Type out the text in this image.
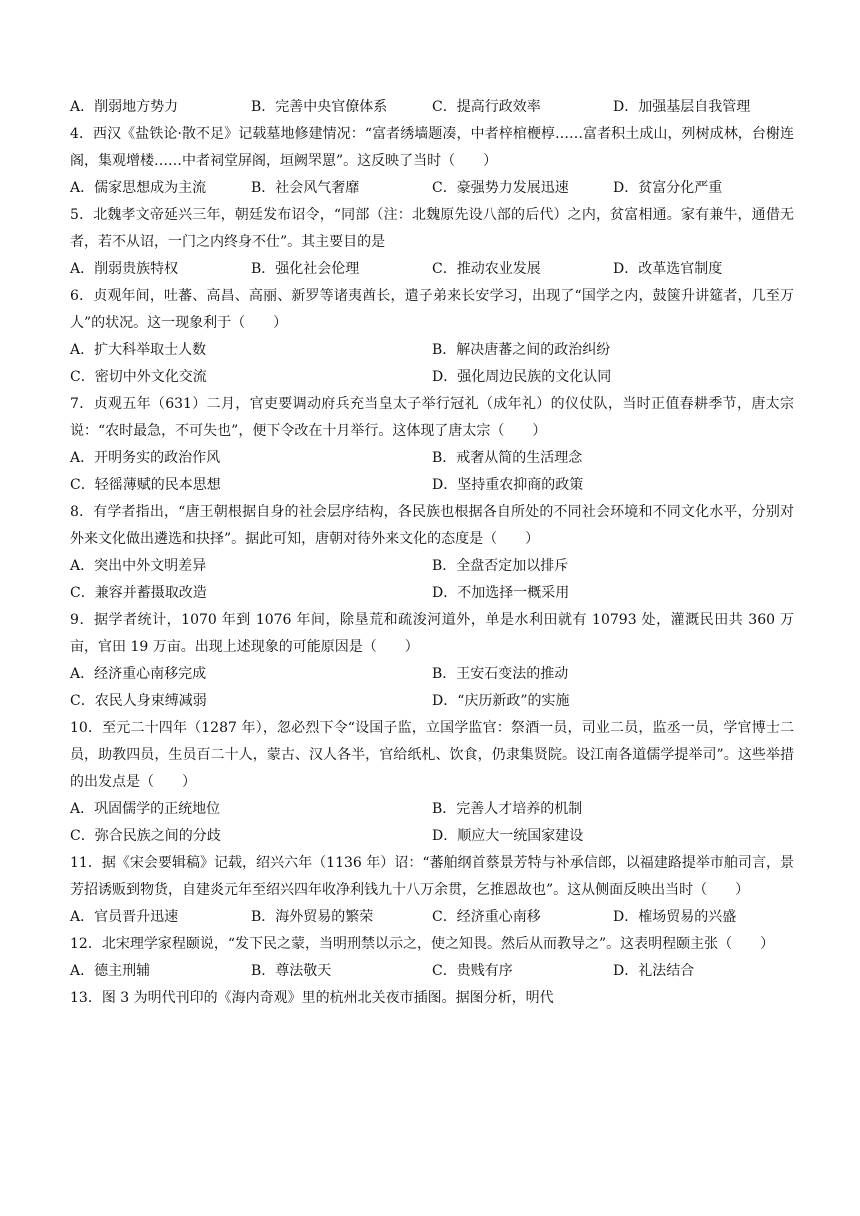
A．削弱地方势力	B．完善中央官僚体系	C．提高行政效率	D．加强基层自我管理
4．西汉《盐铁论·散不足》记载墓地修建情况：“富者绣墙题凑，中者梓棺楩椁……富者积土成山，列树成林，台榭连阁，集观增楼……中者祠堂屏阁，垣阙罘罳”。这反映了当时（　　）
A．儒家思想成为主流	B．社会风气奢靡	C．豪强势力发展迅速	D．贫富分化严重
5．北魏孝文帝延兴三年，朝廷发布诏令，“同部（注：北魏原先设八部的后代）之内，贫富相通。家有兼牛，通借无者，若不从诏，一门之内终身不仕”。其主要目的是
A．削弱贵族特权	B．强化社会伦理	C．推动农业发展	D．改革选官制度
6．贞观年间，吐蕃、高昌、高丽、新罗等诸夷酋长，遣子弟来长安学习，出现了“国学之内，鼓箧升讲筵者，几至万人”的状况。这一现象利于（　　）
A．扩大科举取士人数	B．解决唐蕃之间的政治纠纷
C．密切中外文化交流	D．强化周边民族的文化认同
7．贞观五年（631）二月，官吏要调动府兵充当皇太子举行冠礼（成年礼）的仪仗队，当时正值春耕季节，唐太宗说：“农时最急，不可失也”，便下令改在十月举行。这体现了唐太宗（　　）
A．开明务实的政治作风	B．戒奢从简的生活理念
C．轻徭薄赋的民本思想	D．坚持重农抑商的政策
8．有学者指出，“唐王朝根据自身的社会层序结构，各民族也根据各自所处的不同社会环境和不同文化水平，分别对外来文化做出遴选和抉择”。据此可知，唐朝对待外来文化的态度是（　　）
A．突出中外文明差异	B．全盘否定加以排斥
C．兼容并蓄摄取改造	D．不加选择一概采用
9．据学者统计，1070 年到 1076 年间，除垦荒和疏浚河道外，单是水利田就有 10793 处，灌溉民田共 360 万亩，官田 19 万亩。出现上述现象的可能原因是（　　）
A．经济重心南移完成	B．王安石变法的推动
C．农民人身束缚减弱	D．“庆历新政”的实施
10．至元二十四年（1287 年），忽必烈下令“设国子监，立国学监官：祭酒一员，司业二员，监丞一员，学官博士二员，助教四员，生员百二十人，蒙古、汉人各半，官给纸札、饮食，仍隶集贤院。设江南各道儒学提举司”。这些举措的出发点是（　　）
A．巩固儒学的正统地位	B．完善人才培养的机制
C．弥合民族之间的分歧	D．顺应大一统国家建设
11．据《宋会要辑稿》记载，绍兴六年（1136 年）诏：“蕃舶纲首蔡景芳特与补承信郎，以福建路提举市舶司言，景芳招诱贩到物货，自建炎元年至绍兴四年收净利钱九十八万余贯，乞推恩故也”。这从侧面反映出当时（　　）
A．官员晋升迅速	B．海外贸易的繁荣	C．经济重心南移	D．榷场贸易的兴盛
12．北宋理学家程颐说，“发下民之蒙，当明刑禁以示之，使之知畏。然后从而教导之”。这表明程颐主张（　　）
A．德主刑辅	B．尊法敬天	C．贵贱有序	D．礼法结合
13．图 3 为明代刊印的《海内奇观》里的杭州北关夜市插图。据图分析，明代
